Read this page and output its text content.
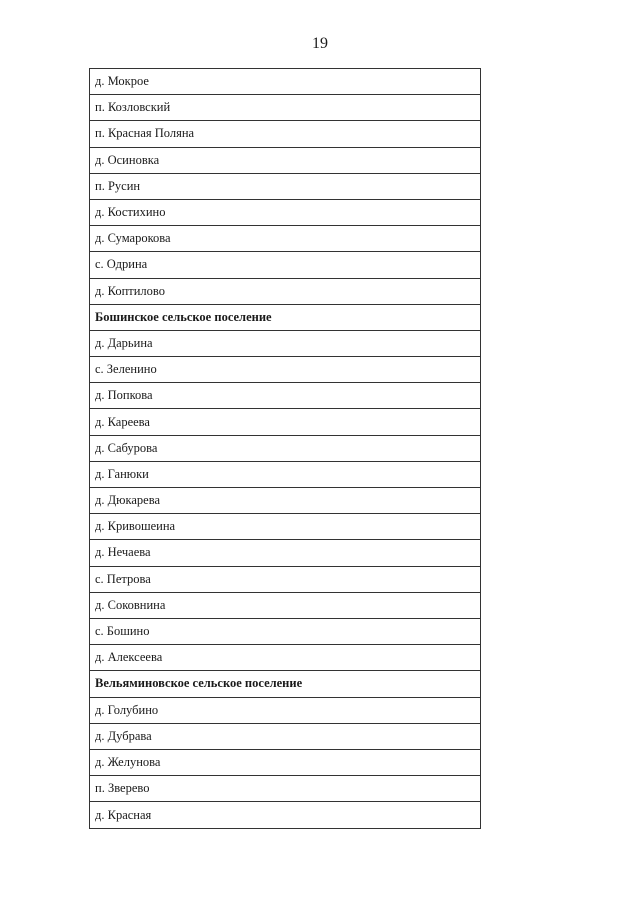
19
д. Мокрое
п. Козловский
п. Красная Поляна
д. Осиновка
п. Русин
д. Костихино
д. Сумарокова
с. Одрина
д. Коптилово
Бошинское сельское поселение
д. Дарьина
с. Зеленино
д. Попкова
д. Кареева
д. Сабурова
д. Ганюки
д. Дюкарева
д. Кривошеина
д. Нечаева
с. Петрова
д. Соковнина
с. Бошино
д. Алексеева
Вельяминовское сельское поселение
д. Голубино
д. Дубрава
д. Желунова
п. Зверево
д. Красная
